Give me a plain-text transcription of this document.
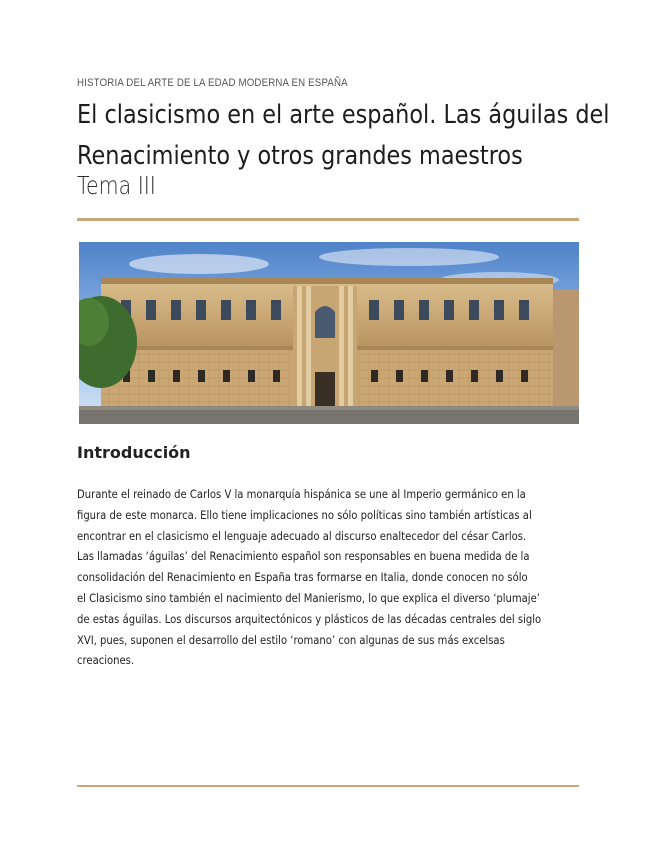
HISTORIA DEL ARTE DE LA EDAD MODERNA EN ESPAÑA
El clasicismo en el arte español. Las águilas del
Renacimiento y otros grandes maestros
Tema III
Introducción

Durante el reinado de Carlos V la monarquía hispánica se une al Imperio germánico en la
figura de este monarca. Ello tiene implicaciones no sólo políticas sino también artísticas al
encontrar en el clasicismo el lenguaje adecuado al discurso enaltecedor del césar Carlos.
Las llamadas ‘águilas’ del Renacimiento español son responsables en buena medida de la
consolidación del Renacimiento en España tras formarse en Italia, donde conocen no sólo
el Clasicismo sino también el nacimiento del Manierismo, lo que explica el diverso ‘plumaje’
de estas águilas. Los discursos arquitectónicos y plásticos de las décadas centrales del siglo
XVI, pues, suponen el desarrollo del estilo ‘romano’ con algunas de sus más excelsas
creaciones.
